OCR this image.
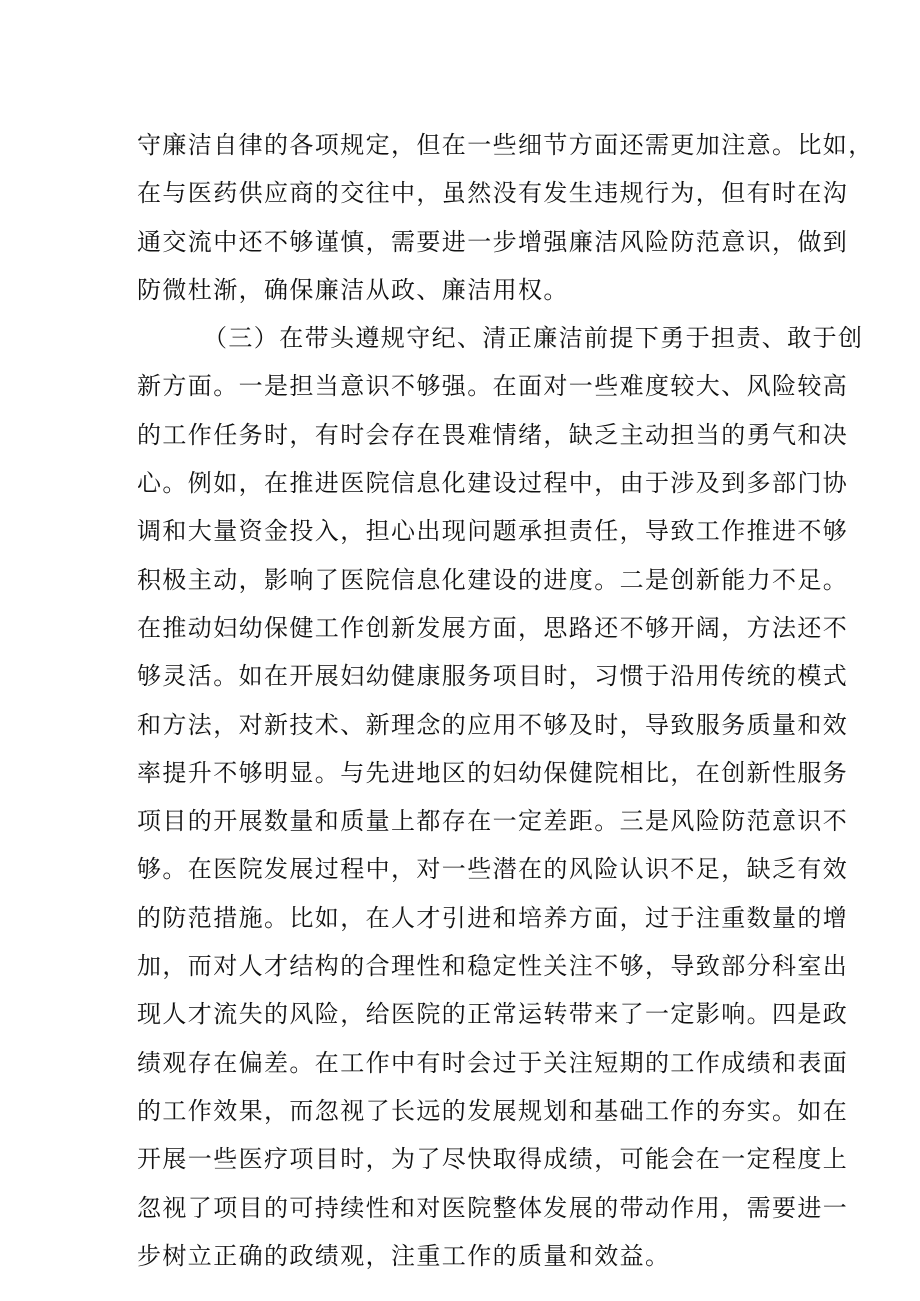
守廉洁自律的各项规定，但在一些细节方面还需更加注意。比如，
在与医药供应商的交往中，虽然没有发生违规行为，但有时在沟
通交流中还不够谨慎，需要进一步增强廉洁风险防范意识，做到
防微杜渐，确保廉洁从政、廉洁用权。
（三）在带头遵规守纪、清正廉洁前提下勇于担责、敢于创
新方面。一是担当意识不够强。在面对一些难度较大、风险较高
的工作任务时，有时会存在畏难情绪，缺乏主动担当的勇气和决
心。例如，在推进医院信息化建设过程中，由于涉及到多部门协
调和大量资金投入，担心出现问题承担责任，导致工作推进不够
积极主动，影响了医院信息化建设的进度。二是创新能力不足。
在推动妇幼保健工作创新发展方面，思路还不够开阔，方法还不
够灵活。如在开展妇幼健康服务项目时，习惯于沿用传统的模式
和方法，对新技术、新理念的应用不够及时，导致服务质量和效
率提升不够明显。与先进地区的妇幼保健院相比，在创新性服务
项目的开展数量和质量上都存在一定差距。三是风险防范意识不
够。在医院发展过程中，对一些潜在的风险认识不足，缺乏有效
的防范措施。比如，在人才引进和培养方面，过于注重数量的增
加，而对人才结构的合理性和稳定性关注不够，导致部分科室出
现人才流失的风险，给医院的正常运转带来了一定影响。四是政
绩观存在偏差。在工作中有时会过于关注短期的工作成绩和表面
的工作效果，而忽视了长远的发展规划和基础工作的夯实。如在
开展一些医疗项目时，为了尽快取得成绩，可能会在一定程度上
忽视了项目的可持续性和对医院整体发展的带动作用，需要进一
步树立正确的政绩观，注重工作的质量和效益。
